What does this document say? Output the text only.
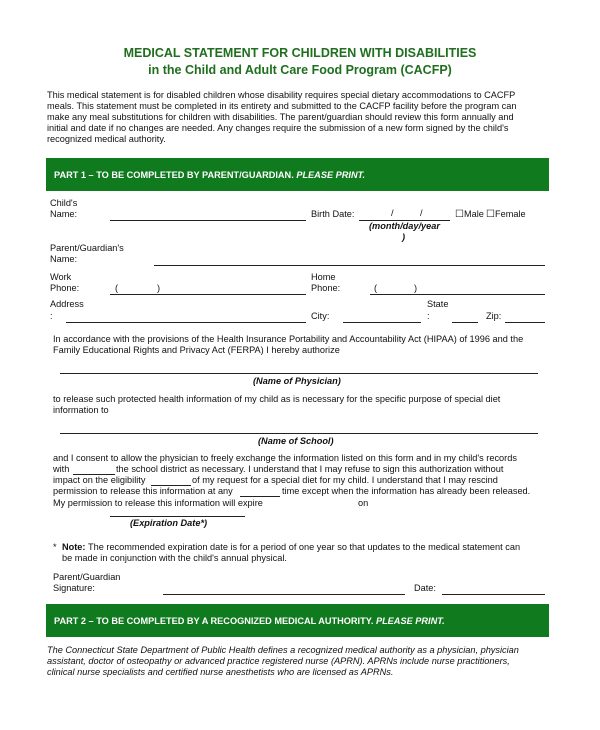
MEDICAL STATEMENT FOR CHILDREN WITH DISABILITIES
in the Child and Adult Care Food Program (CACFP)
This medical statement is for disabled children whose disability requires special dietary accommodations to CACFP
meals. This statement must be completed in its entirety and submitted to the CACFP facility before the program can
make any meal substitutions for children with disabilities. The parent/guardian should review this form annually and
initial and date if no changes are needed. Any changes require the submission of a new form signed by the child's
recognized medical authority.
PART 1 – TO BE COMPLETED BY PARENT/GUARDIAN.
PLEASE PRINT.
Child's
Name:	Birth Date:	/	/
(month/day/year
)
☐ Male ☐ Female
Parent/Guardian's
Name:
Work
Phone:	(	)
Home
Phone:	(	)
Address
:	City:
State
:	Zip:
In accordance with the provisions of the Health Insurance Portability and Accountability Act (HIPAA) of 1996 and the
Family Educational Rights and Privacy Act (FERPA) I hereby authorize
(Name of Physician)
to release such protected health information of my child as is necessary for the specific purpose of special diet
information to
(Name of School)
and I consent to allow the physician to freely exchange the information listed on this form and in my child's records
with	the school district as necessary. I understand that I may refuse to sign this authorization without
impact on the eligibility	of my request for a special diet for my child. I understand that I may rescind
permission to release this information at any	time except when the information has already been released.
My permission to release this information will expire	on
(Expiration Date*)
* Note: The recommended expiration date is for a period of one year so that updates to the medical statement can
be made in conjunction with the child's annual physical.
Parent/Guardian
Signature:	Date:
PART 2 – TO BE COMPLETED BY A RECOGNIZED MEDICAL AUTHORITY.
PLEASE PRINT.
The Connecticut State Department of Public Health defines a recognized medical authority as a physician, physician
assistant, doctor of osteopathy or advanced practice registered nurse (APRN). APRNs include nurse practitioners,
clinical nurse specialists and certified nurse anesthetists who are licensed as APRNs.
